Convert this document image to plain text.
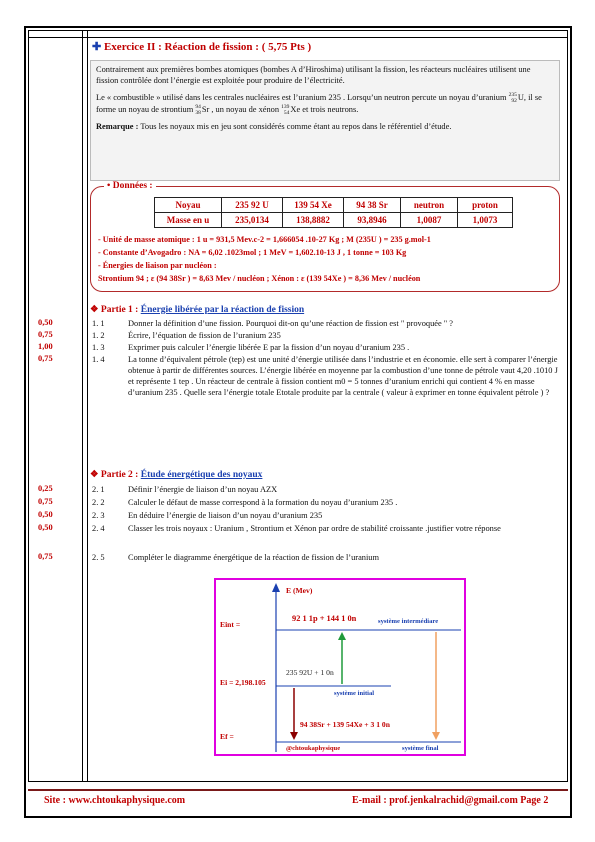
✚ Exercice II : Réaction de fission : ( 5,75 Pts )
Contrairement aux premières bombes atomiques (bombes A d’Hiroshima) utilisant la fission, les réacteurs nucléaires utilisent une fission contrôlée dont l’énergie est exploitée pour produire de l’électricité.
Le « combustible » utilisé dans les centrales nucléaires est l’uranium 235 . Lorsqu’un neutron percute un noyau d’uranium 235
92U, il se forme un noyau de strontium 94
38Sr , un noyau de xénon 139
54Xe et trois neutrons.
Remarque : Tous les noyaux mis en jeu sont considérés comme étant au repos dans le référentiel d’étude.
• Données :
Noyau	235 92 U	139 54 Xe	94 38 Sr	neutron	proton
Masse en u	235,0134	138,8882	93,8946	1,0087	1,0073
- Unité de masse atomique : 1 u = 931,5 Mev.c-2 = 1,666054 .10-27 Kg ; M (235U ) = 235 g.mol-1
- Constante d’Avogadro : NA = 6,02 .1023mol ; 1 MeV = 1,602.10-13 J , 1 tonne = 103 Kg
- Énergies de liaison par nucléon :
Strontium 94 ; ε (94 38Sr ) = 8,63 Mev / nucléon ; Xénon : ε (139 54Xe ) = 8,36 Mev / nucléon
❖ Partie 1 : Énergie libérée par la réaction de fission
0,50	1. 1	Donner la définition d’une fission. Pourquoi dit-on qu’une réaction de fission est " provoquée " ?
0,75	1. 2	Écrire, l’équation de fission de l’uranium 235
1,00	1. 3	Exprimer puis calculer l’énergie libérée E par la fission d’un noyau d’uranium 235 .
0,75	1. 4	La tonne d’équivalent pétrole (tep) est une unité d’énergie utilisée dans l’industrie et en économie. elle sert à comparer l’énergie obtenue à partir de différentes sources. L’énergie libérée en moyenne par la combustion d’une tonne de pétrole vaut 4,20 .1010 J et représente 1 tep . Un réacteur de centrale à fission contient m0 = 5 tonnes d’uranium enrichi qui contient 4 % en masse d’uranium 235 . Quelle sera l’énergie totale Etotale produite par la centrale ( valeur à exprimer en tonne équivalent pétrole ) ?
❖ Partie 2 : Étude énergétique des noyaux
0,25	2. 1	Définir l’énergie de liaison d’un noyau AZX
0,75	2. 2	Calculer le défaut de masse correspond à la formation du noyau d’uranium 235 .
0,50	2. 3	En déduire l’énergie de liaison d’un noyau d’uranium 235
0,50	2. 4	Classer les trois noyaux : Uranium , Strontium et Xénon par ordre de stabilité croissante .justifier votre réponse
0,75	2. 5	Compléter le diagramme énergétique de la réaction de fission de l’uranium
E (Mev)
Eint =
Ei = 2,198.105
Ef =
92 1 1p + 144 1 0n	système intermédiare
235 92U + 1 0n
système initial
94 38Sr + 139 54Xe + 3 1 0n
@chtoukaphysique	système final
Site : www.chtoukaphysique.com	E-mail : prof.jenkalrachid@gmail.com Page 2
